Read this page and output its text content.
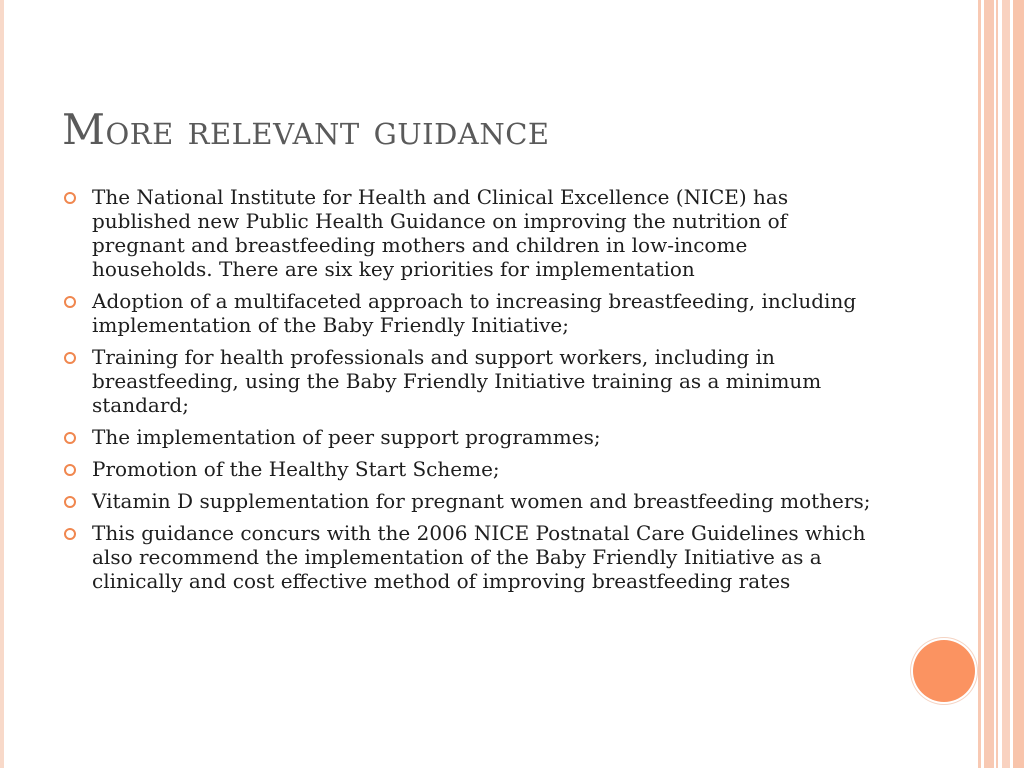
More relevant guidance
The National Institute for Health and Clinical Excellence (NICE) has published new Public Health Guidance on improving the nutrition of pregnant and breastfeeding mothers and children in low-income households. There are six key priorities for implementation
Adoption of a multifaceted approach to increasing breastfeeding, including implementation of the Baby Friendly Initiative;
Training for health professionals and support workers, including in breastfeeding, using the Baby Friendly Initiative training as a minimum standard;
The implementation of peer support programmes;
Promotion of the Healthy Start Scheme;
Vitamin D supplementation for pregnant women and breastfeeding mothers;
This guidance concurs with the 2006 NICE Postnatal Care Guidelines which also recommend the implementation of the Baby Friendly Initiative as a clinically and cost effective method of improving breastfeeding rates
